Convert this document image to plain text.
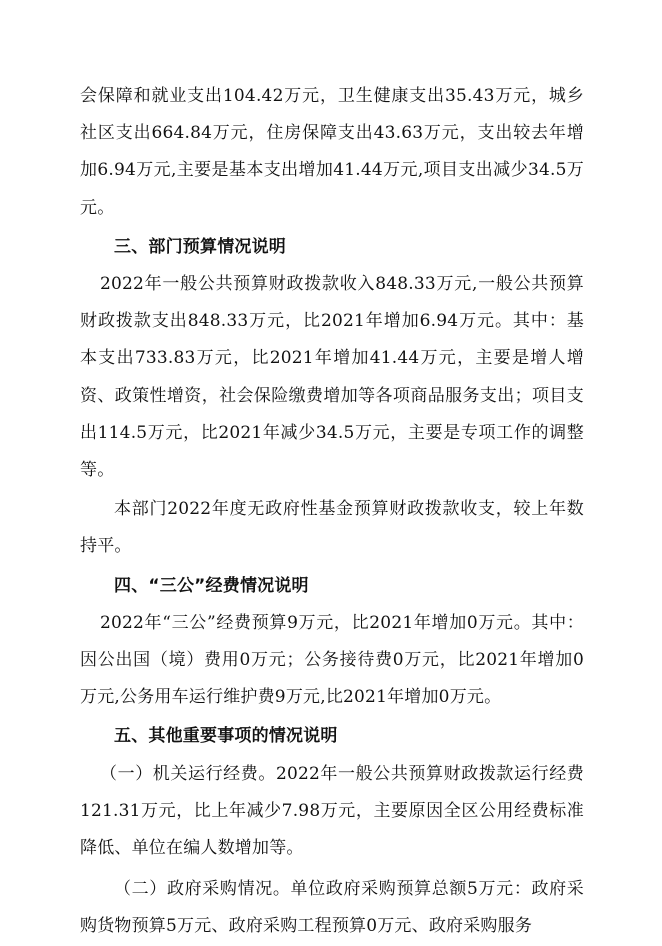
会保障和就业支出104.42万元，卫生健康支出35.43万元，城乡社区支出664.84万元，住房保障支出43.63万元，支出较去年增加6.94万元,主要是基本支出增加41.44万元,项目支出减少34.5万元。

三、部门预算情况说明

2022年一般公共预算财政拨款收入848.33万元,一般公共预算财政拨款支出848.33万元，比2021年增加6.94万元。其中：基本支出733.83万元，比2021年增加41.44万元，主要是增人增资、政策性增资，社会保险缴费增加等各项商品服务支出；项目支出114.5万元，比2021年减少34.5万元，主要是专项工作的调整等。

本部门2022年度无政府性基金预算财政拨款收支，较上年数持平。

四、“三公”经费情况说明

2022年“三公”经费预算9万元，比2021年增加0万元。其中：因公出国（境）费用0万元；公务接待费0万元，比2021年增加0万元,公务用车运行维护费9万元,比2021年增加0万元。

五、其他重要事项的情况说明

（一）机关运行经费。2022年一般公共预算财政拨款运行经费121.31万元，比上年减少7.98万元，主要原因全区公用经费标准降低、单位在编人数增加等。

（二）政府采购情况。单位政府采购预算总额5万元：政府采购货物预算5万元、政府采购工程预算0万元、政府采购服务
